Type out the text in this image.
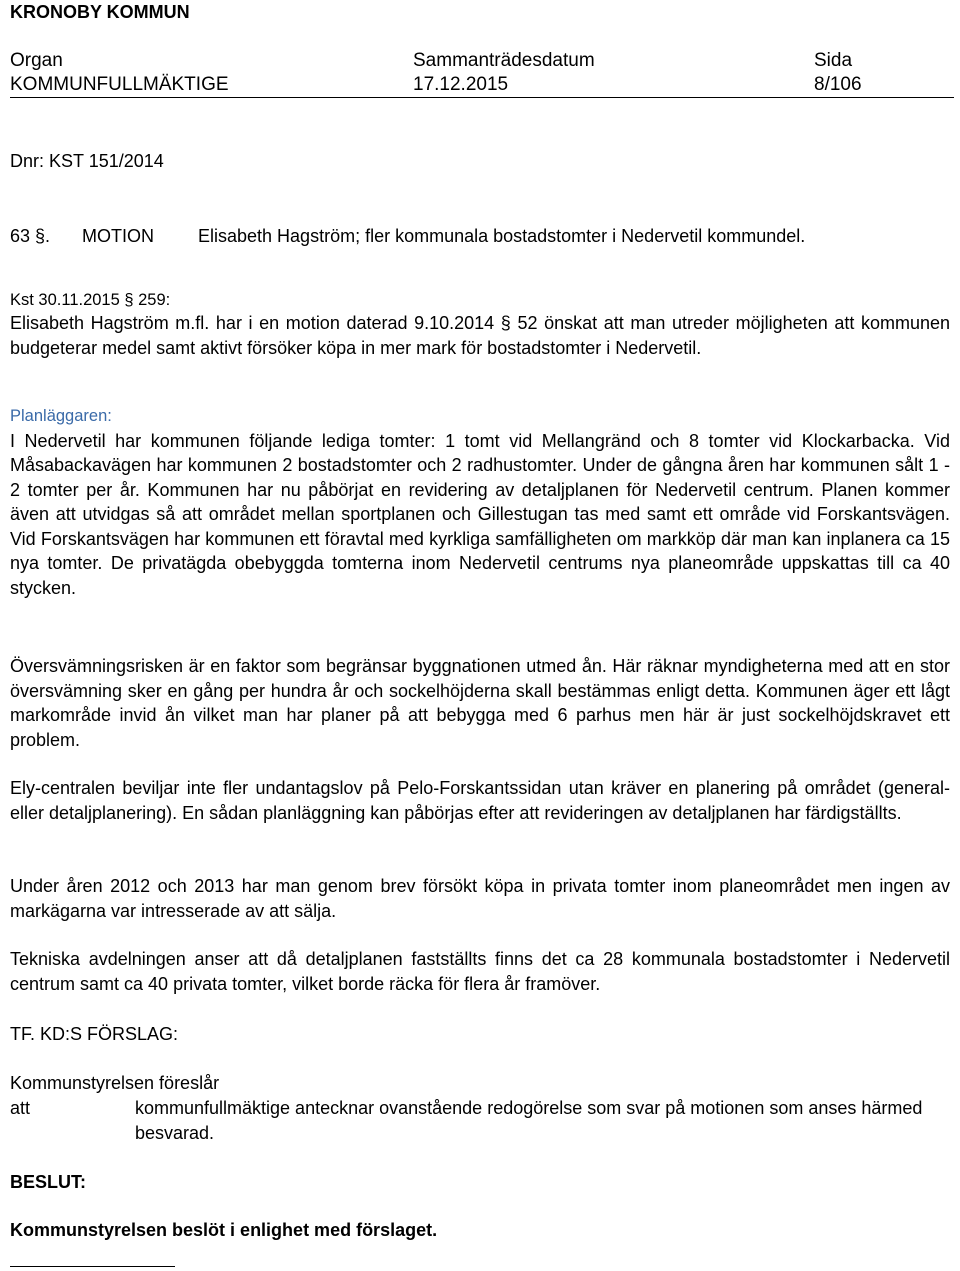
KRONOBY KOMMUN
Organ	Sammanträdesdatum	Sida
KOMMUNFULLMÄKTIGE	17.12.2015	8/106
Dnr: KST 151/2014
63 §. MOTION Elisabeth Hagström; fler kommunala bostadstomter i Nedervetil kommundel.
Kst 30.11.2015 § 259:

Elisabeth Hagström m.fl. har i en motion daterad 9.10.2014 § 52 önskat att man utreder möjligheten att kommunen budgeterar medel samt aktivt försöker köpa in mer mark för bostadstomter i Nedervetil.

Planläggaren:

I Nedervetil har kommunen följande lediga tomter: 1 tomt vid Mellangränd och 8 tomter vid Klockarbacka. Vid Måsabackavägen har kommunen 2 bostadstomter och 2 radhustomter. Under de gångna åren har kommunen sålt 1 - 2 tomter per år. Kommunen har nu påbörjat en revidering av detaljplanen för Nedervetil centrum. Planen kommer även att utvidgas så att området mellan sportplanen och Gillestugan tas med samt ett område vid Forskantsvägen. Vid Forskantsvägen har kommunen ett föravtal med kyrkliga samfälligheten om markköp där man kan inplanera ca 15 nya tomter. De privatägda obebyggda tomterna inom Nedervetil centrums nya planeområde uppskattas till ca 40 stycken.

Översvämningsrisken är en faktor som begränsar byggnationen utmed ån. Här räknar myndigheterna med att en stor översvämning sker en gång per hundra år och sockelhöjderna skall bestämmas enligt detta. Kommunen äger ett lågt markområde invid ån vilket man har planer på att bebygga med 6 parhus men här är just sockelhöjdskravet ett problem.

Ely-centralen beviljar inte fler undantagslov på Pelo-Forskantssidan utan kräver en planering på området (general- eller detaljplanering). En sådan planläggning kan påbörjas efter att revideringen av detaljplanen har färdigställts.

Under åren 2012 och 2013 har man genom brev försökt köpa in privata tomter inom planeområdet men ingen av markägarna var intresserade av att sälja.

Tekniska avdelningen anser att då detaljplanen fastställts finns det ca 28 kommunala bostadstomter i Nedervetil centrum samt ca 40 privata tomter, vilket borde räcka för flera år framöver.

TF. KD:S FÖRSLAG:
Kommunstyrelsen föreslår
att	kommunfullmäktige antecknar ovanstående redogörelse som svar på motionen som anses härmed besvarad.
BESLUT:
Kommunstyrelsen beslöt i enlighet med förslaget.
